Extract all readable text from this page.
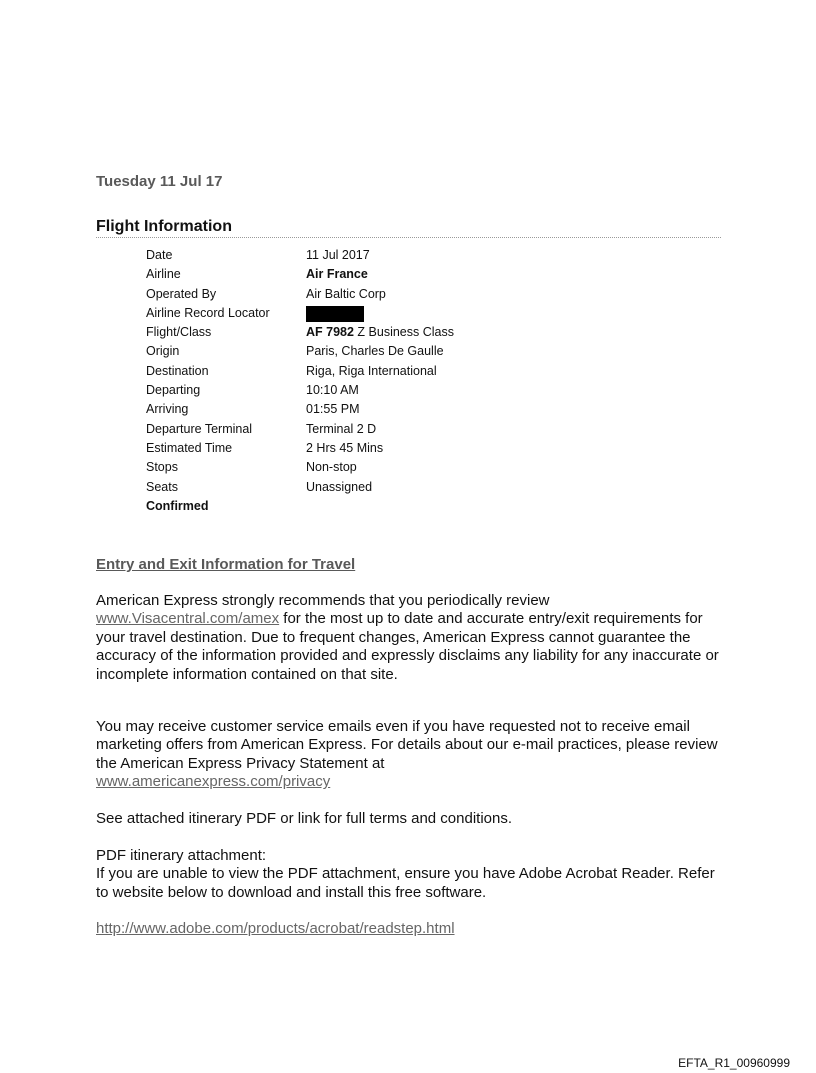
Tuesday 11 Jul 17
Flight Information
Date	11 Jul 2017
Airline	Air France
Operated By	Air Baltic Corp
Airline Record Locator
Flight/Class	AF 7982 Z Business Class
Origin	Paris, Charles De Gaulle
Destination	Riga, Riga International
Departing	10:10 AM
Arriving	01:55 PM
Departure Terminal	Terminal 2 D
Estimated Time	2 Hrs 45 Mins
Stops	Non-stop
Seats	Unassigned
Confirmed
Entry and Exit Information for Travel

American Express strongly recommends that you periodically review
www.Visacentral.com/amex for the most up to date and accurate entry/exit requirements for your travel destination. Due to frequent changes, American Express cannot guarantee the accuracy of the information provided and expressly disclaims any liability for any inaccurate or incomplete information contained on that site.

You may receive customer service emails even if you have requested not to receive email marketing offers from American Express. For details about our e-mail practices, please review the American Express Privacy Statement at
www.americanexpress.com/privacy

See attached itinerary PDF or link for full terms and conditions.

PDF itinerary attachment:
If you are unable to view the PDF attachment, ensure you have Adobe Acrobat Reader. Refer to website below to download and install this free software.

http://www.adobe.com/products/acrobat/readstep.html

EFTA_R1_00960999
